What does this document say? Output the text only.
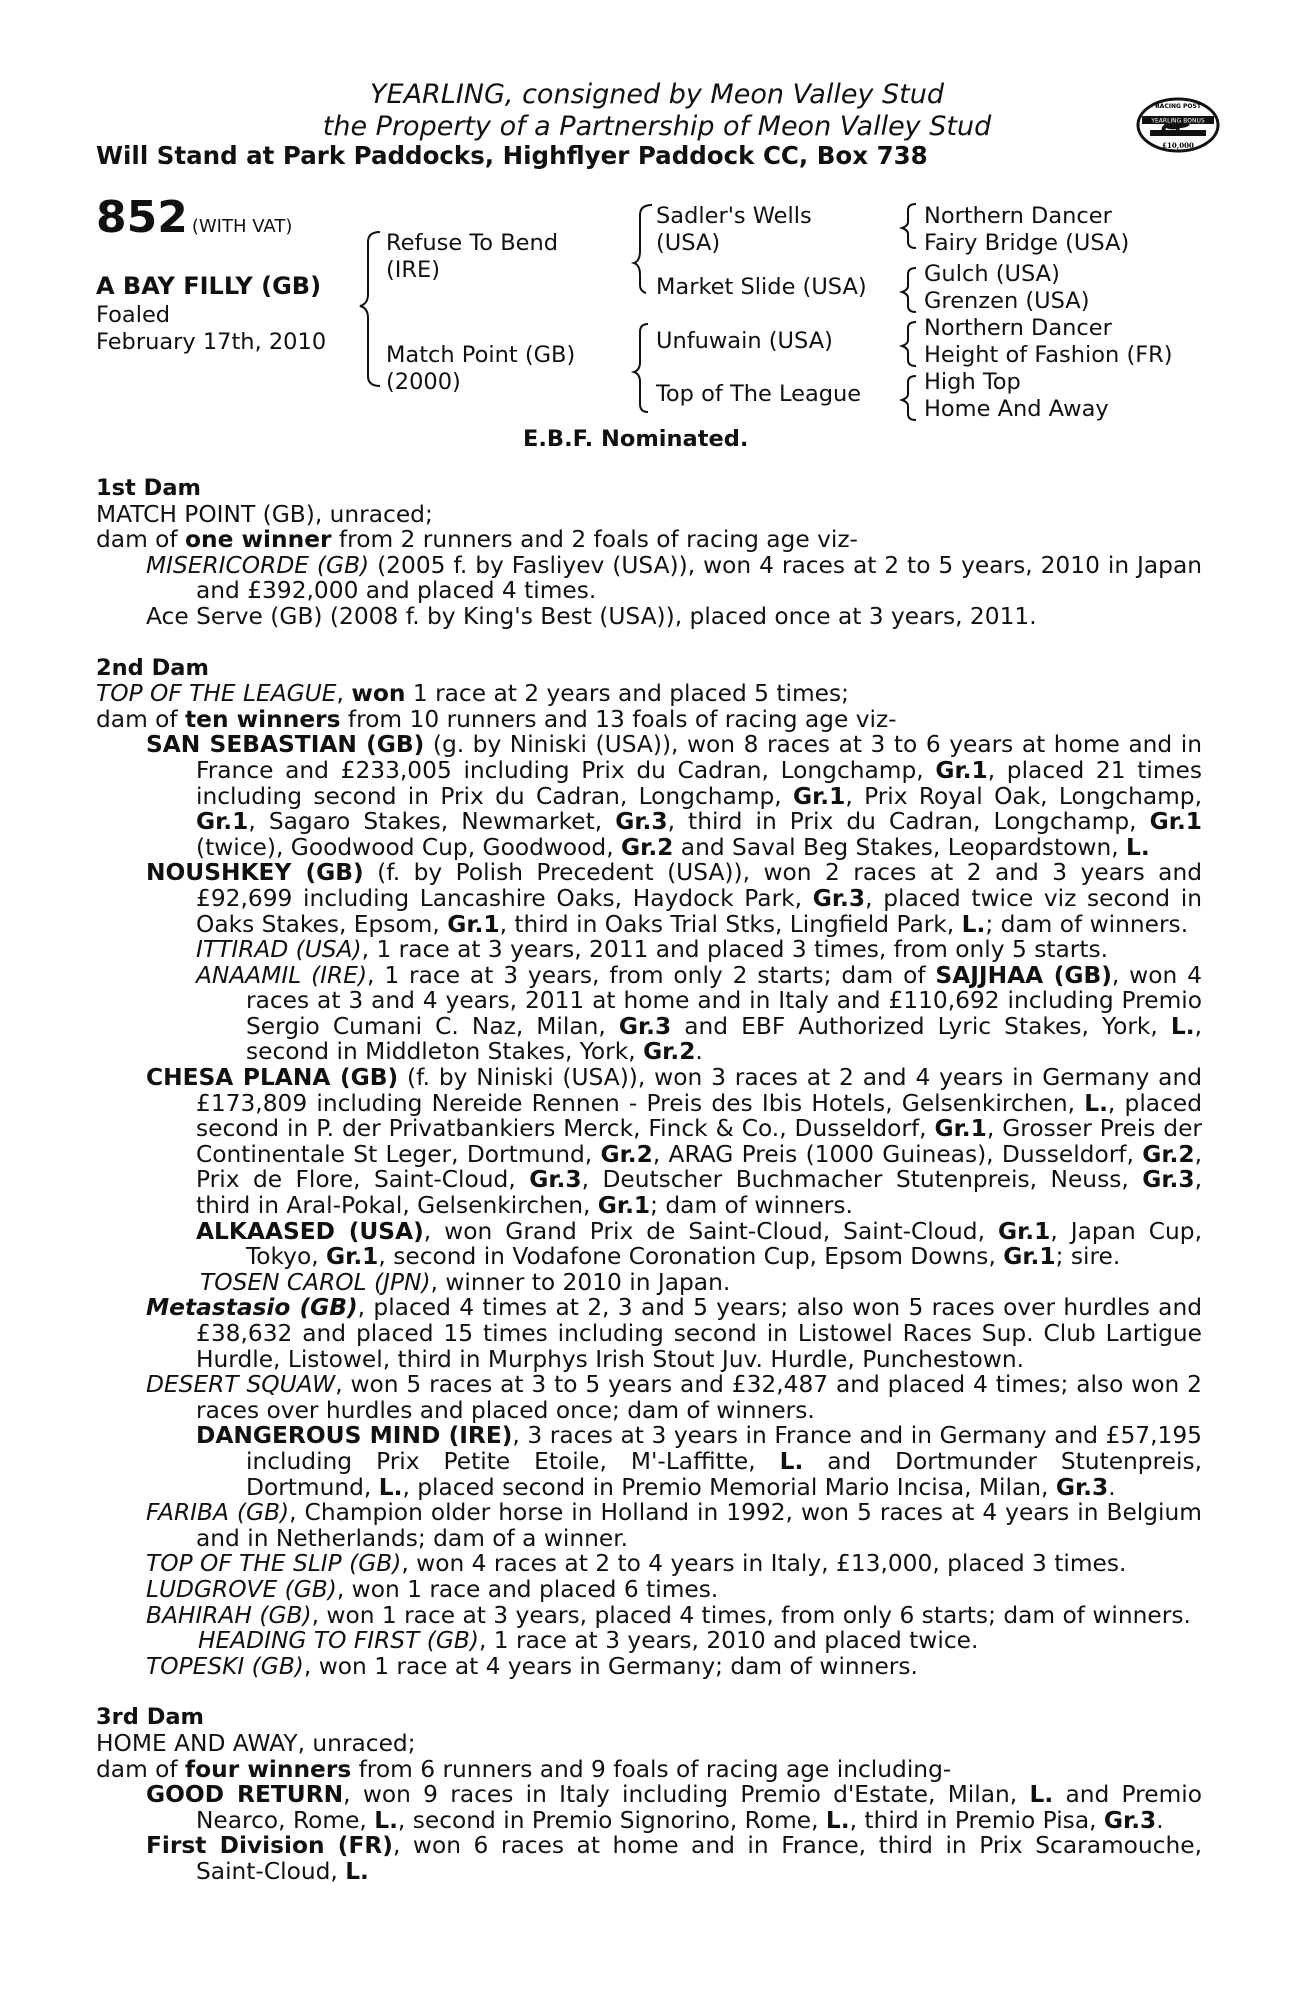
YEARLING, consigned by Meon Valley Stud
the Property of a Partnership of Meon Valley Stud
Will Stand at Park Paddocks, Highflyer Paddock CC, Box 738
RACING POST
YEARLING BONUS
£10,000
852 (WITH VAT)
A BAY FILLY (GB)
Foaled
February 17th, 2010
Refuse To Bend
(IRE)
Match Point (GB)
(2000)
Sadler's Wells
(USA)
Market Slide (USA)
Unfuwain (USA)
Top of The League
Northern Dancer
Fairy Bridge (USA)
Gulch (USA)
Grenzen (USA)
Northern Dancer
Height of Fashion (FR)
High Top
Home And Away
E.B.F. Nominated.
1st Dam
MATCH POINT (GB), unraced;
dam of one winner from 2 runners and 2 foals of racing age viz-
MISERICORDE (GB) (2005 f. by Fasliyev (USA)), won 4 races at 2 to 5 years, 2010 in Japan and £392,000 and placed 4 times.
Ace Serve (GB) (2008 f. by King's Best (USA)), placed once at 3 years, 2011.
2nd Dam
TOP OF THE LEAGUE, won 1 race at 2 years and placed 5 times;
dam of ten winners from 10 runners and 13 foals of racing age viz-
SAN SEBASTIAN (GB) (g. by Niniski (USA)), won 8 races at 3 to 6 years at home and in France and £233,005 including Prix du Cadran, Longchamp, Gr.1, placed 21 times including second in Prix du Cadran, Longchamp, Gr.1, Prix Royal Oak, Longchamp, Gr.1, Sagaro Stakes, Newmarket, Gr.3, third in Prix du Cadran, Longchamp, Gr.1 (twice), Goodwood Cup, Goodwood, Gr.2 and Saval Beg Stakes, Leopardstown, L.
NOUSHKEY (GB) (f. by Polish Precedent (USA)), won 2 races at 2 and 3 years and £92,699 including Lancashire Oaks, Haydock Park, Gr.3, placed twice viz second in Oaks Stakes, Epsom, Gr.1, third in Oaks Trial Stks, Lingfield Park, L.; dam of winners.
ITTIRAD (USA), 1 race at 3 years, 2011 and placed 3 times, from only 5 starts.
ANAAMIL (IRE), 1 race at 3 years, from only 2 starts; dam of SAJJHAA (GB), won 4 races at 3 and 4 years, 2011 at home and in Italy and £110,692 including Premio Sergio Cumani C. Naz, Milan, Gr.3 and EBF Authorized Lyric Stakes, York, L., second in Middleton Stakes, York, Gr.2.
CHESA PLANA (GB) (f. by Niniski (USA)), won 3 races at 2 and 4 years in Germany and £173,809 including Nereide Rennen - Preis des Ibis Hotels, Gelsenkirchen, L., placed second in P. der Privatbankiers Merck, Finck & Co., Dusseldorf, Gr.1, Grosser Preis der Continentale St Leger, Dortmund, Gr.2, ARAG Preis (1000 Guineas), Dusseldorf, Gr.2, Prix de Flore, Saint-Cloud, Gr.3, Deutscher Buchmacher Stutenpreis, Neuss, Gr.3, third in Aral-Pokal, Gelsenkirchen, Gr.1; dam of winners.
ALKAASED (USA), won Grand Prix de Saint-Cloud, Saint-Cloud, Gr.1, Japan Cup, Tokyo, Gr.1, second in Vodafone Coronation Cup, Epsom Downs, Gr.1; sire.
TOSEN CAROL (JPN), winner to 2010 in Japan.
Metastasio (GB), placed 4 times at 2, 3 and 5 years; also won 5 races over hurdles and £38,632 and placed 15 times including second in Listowel Races Sup. Club Lartigue Hurdle, Listowel, third in Murphys Irish Stout Juv. Hurdle, Punchestown.
DESERT SQUAW, won 5 races at 3 to 5 years and £32,487 and placed 4 times; also won 2 races over hurdles and placed once; dam of winners.
DANGEROUS MIND (IRE), 3 races at 3 years in France and in Germany and £57,195 including Prix Petite Etoile, M'-Laffitte, L. and Dortmunder Stutenpreis, Dortmund, L., placed second in Premio Memorial Mario Incisa, Milan, Gr.3.
FARIBA (GB), Champion older horse in Holland in 1992, won 5 races at 4 years in Belgium and in Netherlands; dam of a winner.
TOP OF THE SLIP (GB), won 4 races at 2 to 4 years in Italy, £13,000, placed 3 times.
LUDGROVE (GB), won 1 race and placed 6 times.
BAHIRAH (GB), won 1 race at 3 years, placed 4 times, from only 6 starts; dam of winners.
HEADING TO FIRST (GB), 1 race at 3 years, 2010 and placed twice.
TOPESKI (GB), won 1 race at 4 years in Germany; dam of winners.
3rd Dam
HOME AND AWAY, unraced;
dam of four winners from 6 runners and 9 foals of racing age including-
GOOD RETURN, won 9 races in Italy including Premio d'Estate, Milan, L. and Premio Nearco, Rome, L., second in Premio Signorino, Rome, L., third in Premio Pisa, Gr.3.
First Division (FR), won 6 races at home and in France, third in Prix Scaramouche, Saint-Cloud, L.
